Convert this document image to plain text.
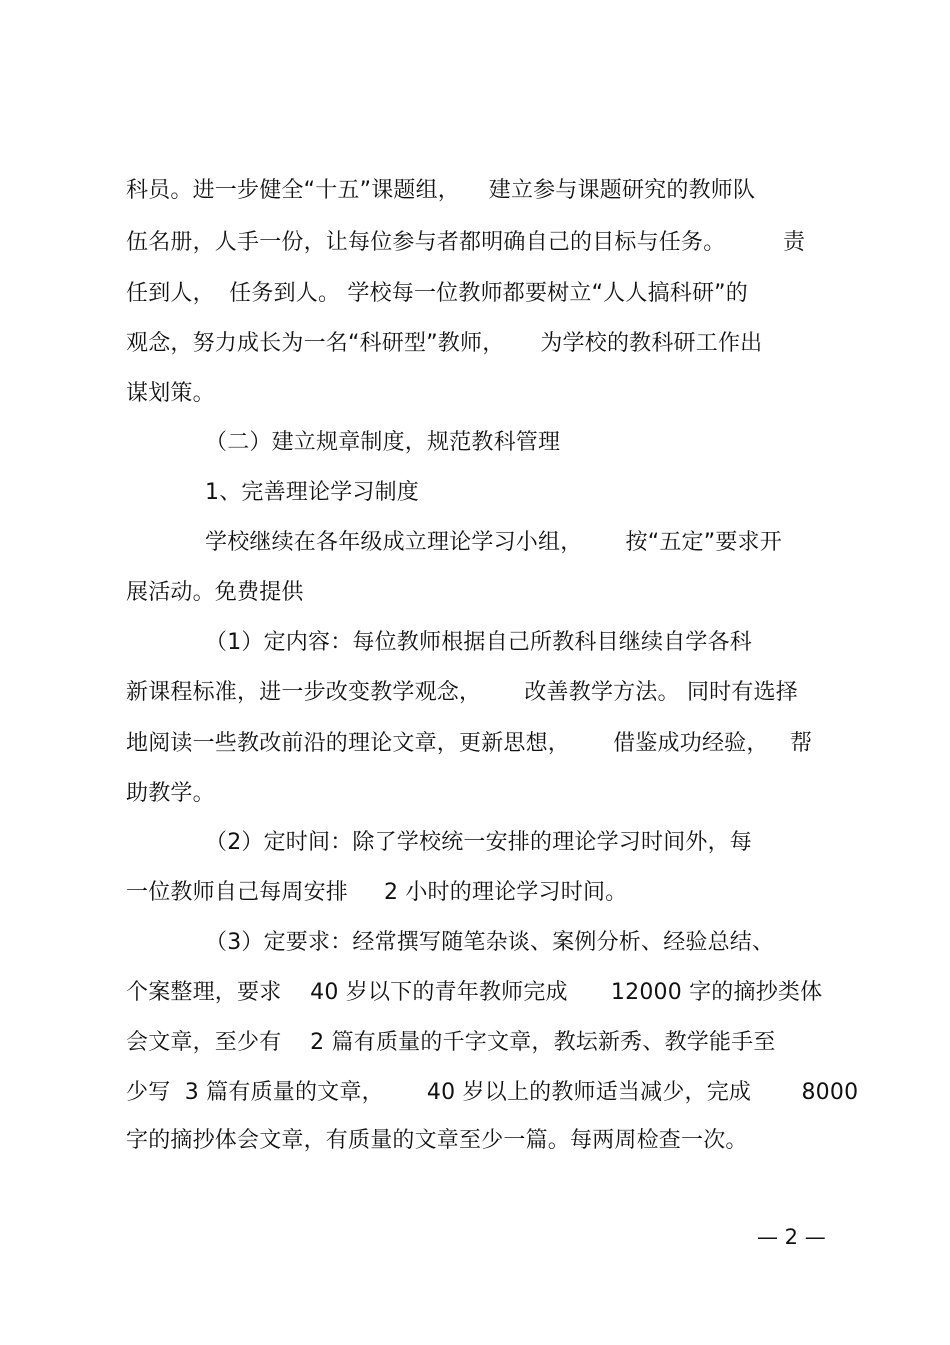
科员。进一步健全“十五”课题组，    建立参与课题研究的教师队
伍名册，人手一份，让每位参与者都明确自己的目标与任务。        责
任到人，  任务到人。 学校每一位教师都要树立“人人搞科研”的
观念，努力成长为一名“科研型”教师，     为学校的教科研工作出
谋划策。
（二）建立规章制度，规范教科管理
1、完善理论学习制度
学校继续在各年级成立理论学习小组，      按“五定”要求开
展活动。免费提供
（1）定内容：每位教师根据自己所教科目继续自学各科
新课程标准，进一步改变教学观念，      改善教学方法。 同时有选择
地阅读一些教改前沿的理论文章，更新思想，      借鉴成功经验，   帮
助教学。
（2）定时间：除了学校统一安排的理论学习时间外，每
一位教师自己每周安排     2 小时的理论学习时间。
（3）定要求：经常撰写随笔杂谈、案例分析、经验总结、
个案整理，要求    40 岁以下的青年教师完成      12000 字的摘抄类体
会文章，至少有    2 篇有质量的千字文章，教坛新秀、教学能手至
少写  3 篇有质量的文章，      40 岁以上的教师适当减少，完成       8000
字的摘抄体会文章，有质量的文章至少一篇。每两周检查一次。
— 2 —
